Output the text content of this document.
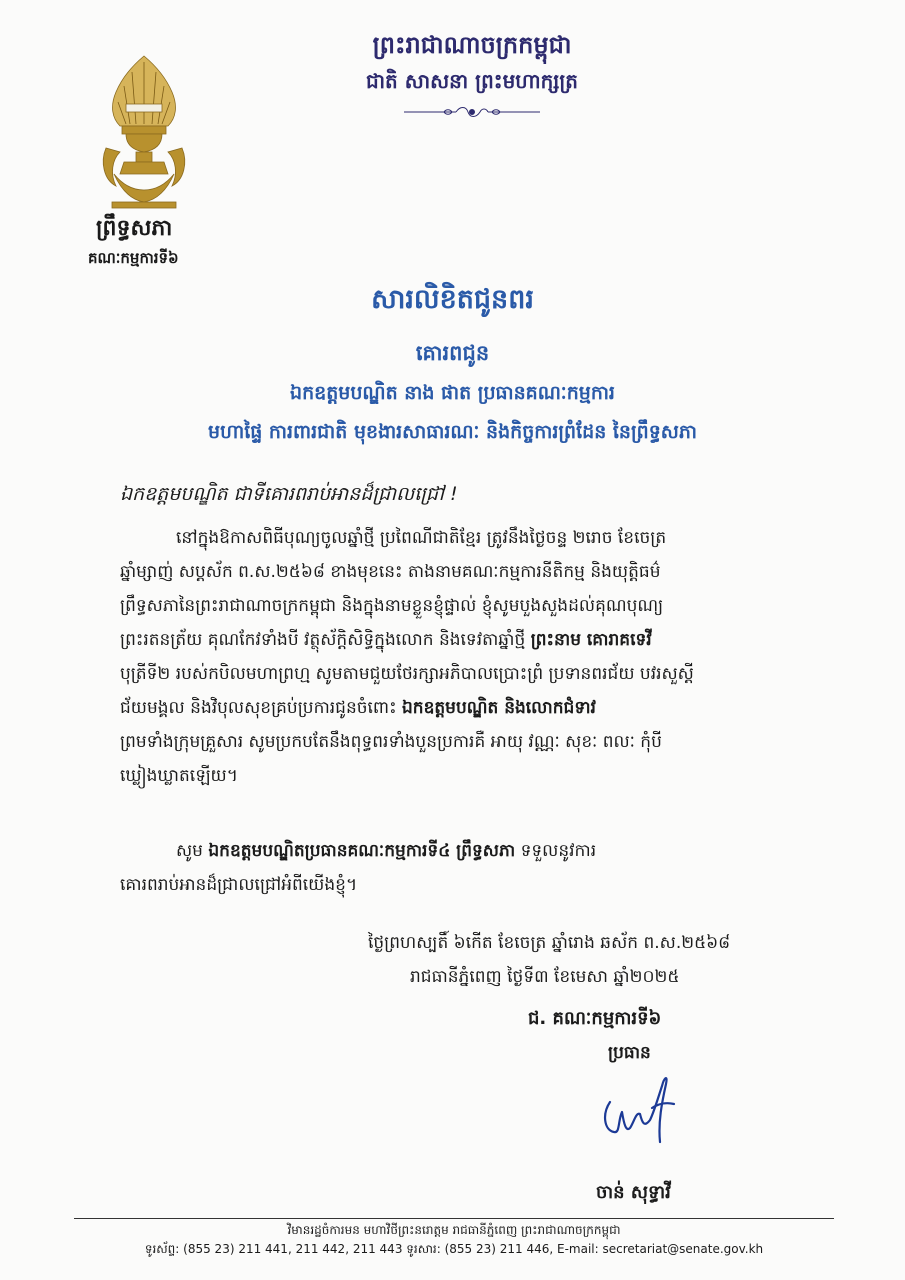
ព្រឹទ្ធសភា
គណៈកម្មការទី៦
ព្រះរាជាណាចក្រកម្ពុជា
ជាតិ សាសនា ព្រះមហាក្សត្រ
សារលិខិតជូនពរ
គោរពជូន
ឯកឧត្តមបណ្ឌិត នាង ផាត ប្រធានគណៈកម្មការ
មហាផ្ទៃ ការពារជាតិ មុខងារសាធារណៈ និងកិច្ចការព្រំដែន នៃព្រឹទ្ធសភា
ឯកឧត្តមបណ្ឌិត ជាទីគោរពរាប់អានដ៏ជ្រាលជ្រៅ !
នៅក្នុងឱកាសពិធីបុណ្យចូលឆ្នាំថ្មី ប្រពៃណីជាតិខ្មែរ ត្រូវនឹងថ្ងៃចន្ទ ២រោច ខែចេត្រ
ឆ្នាំម្សាញ់ សប្តស័ក ព.ស.២៥៦៨ ខាងមុខនេះ តាងនាមគណៈកម្មការនីតិកម្ម និងយុត្តិធម៌
ព្រឹទ្ធសភានៃព្រះរាជាណាចក្រកម្ពុជា និងក្នុងនាមខ្លួនខ្ញុំផ្ទាល់ ខ្ញុំសូមបួងសួងដល់គុណបុណ្យ
ព្រះរតនត្រ័យ គុណកែវទាំងបី វត្ថុស័ក្តិសិទ្ធិក្នុងលោក និងទេវតាឆ្នាំថ្មី ព្រះនាម គោរាគទេវី
បុត្រីទី២ របស់កបិលមហាព្រហ្ម សូមតាមជួយថែរក្សាអភិបាលប្រោះព្រំ ប្រទានពរជ័យ បវរសួស្តី
ជ័យមង្គល និងវិបុលសុខគ្រប់ប្រការជូនចំពោះ ឯកឧត្តមបណ្ឌិត និងលោកជំទាវ
ព្រមទាំងក្រុមគ្រួសារ សូមប្រកបតែនឹងពុទ្ធពរទាំងបួនប្រការគឺ អាយុ វណ្ណៈ សុខៈ ពលៈ កុំបី
ឃ្លៀងឃ្លាតឡើយ។
សូម ឯកឧត្តមបណ្ឌិតប្រធានគណៈកម្មការទី៤ ព្រឹទ្ធសភា ទទួលនូវការ
គោរពរាប់អានដ៏ជ្រាលជ្រៅអំពីយើងខ្ញុំ។
ថ្ងៃព្រហស្បតិ៍ ៦កើត ខែចេត្រ ឆ្នាំរោង ឆស័ក ព.ស.២៥៦៨
រាជធានីភ្នំពេញ ថ្ងៃទី៣ ខែមេសា ឆ្នាំ២០២៥
ជ. គណៈកម្មការទី៦
ប្រធាន
ចាន់ សុទ្ធាវី
វិមានរដ្ឋចំការមន មហាវិថីព្រះនរោត្តម រាជធានីភ្នំពេញ ព្រះរាជាណាចក្រកម្ពុជា
ទូរស័ព្ទ: (855 23) 211 441, 211 442, 211 443 ទូរសារ: (855 23) 211 446, E-mail: secretariat@senate.gov.kh
